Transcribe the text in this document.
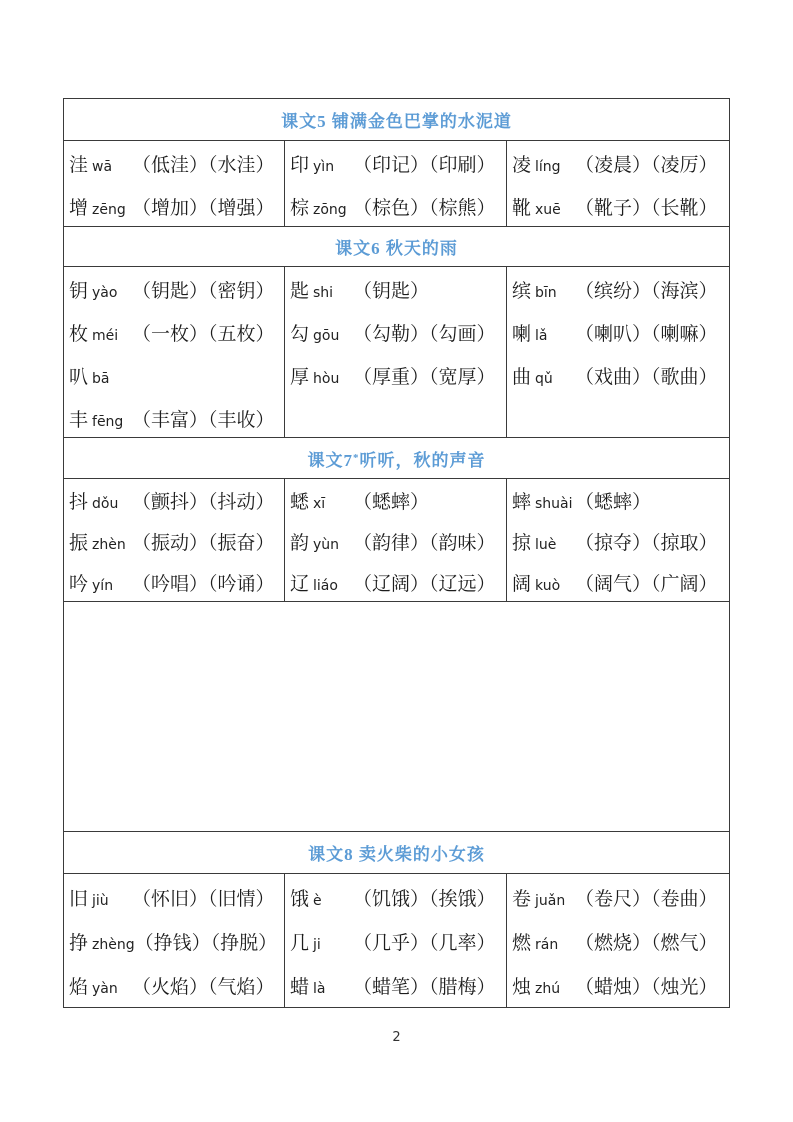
课文5 铺满金色巴掌的水泥道
洼 wā （低洼）（水洼）
增 zēng （增加）（增强）
印 yìn （印记）（印刷）
棕 zōng （棕色）（棕熊）
凌 líng （凌晨）（凌厉）
靴 xuē （靴子）（长靴）
课文6 秋天的雨
钥 yào （钥匙）（密钥）
枚 méi （一枚）（五枚）
叭 bā
丰 fēng （丰富）（丰收）
匙 shi （钥匙）
勾 gōu （勾勒）（勾画）
厚 hòu （厚重）（宽厚）
缤 bīn （缤纷）（海滨）
喇 lǎ （喇叭）（喇嘛）
曲 qǔ （戏曲）（歌曲）
课文7 * 听听，秋的声音
抖 dǒu （颤抖）（抖动）
振 zhèn （振动）（振奋）
吟 yín （吟唱）（吟诵）
蟋 xī （蟋蟀）
韵 yùn （韵律）（韵味）
辽 liáo （辽阔）（辽远）
蟀 shuài （蟋蟀）
掠 luè （掠夺）（掠取）
阔 kuò （阔气）（广阔）
课文8 卖火柴的小女孩
旧 jiù （怀旧）（旧情）
挣 zhèng （挣钱）（挣脱）
焰 yàn （火焰）（气焰）
饿 è （饥饿）（挨饿）
几 ji （几乎）（几率）
蜡 là （蜡笔）（腊梅）
卷 juǎn （卷尺）（卷曲）
燃 rán （燃烧）（燃气）
烛 zhú （蜡烛）（烛光）
2
